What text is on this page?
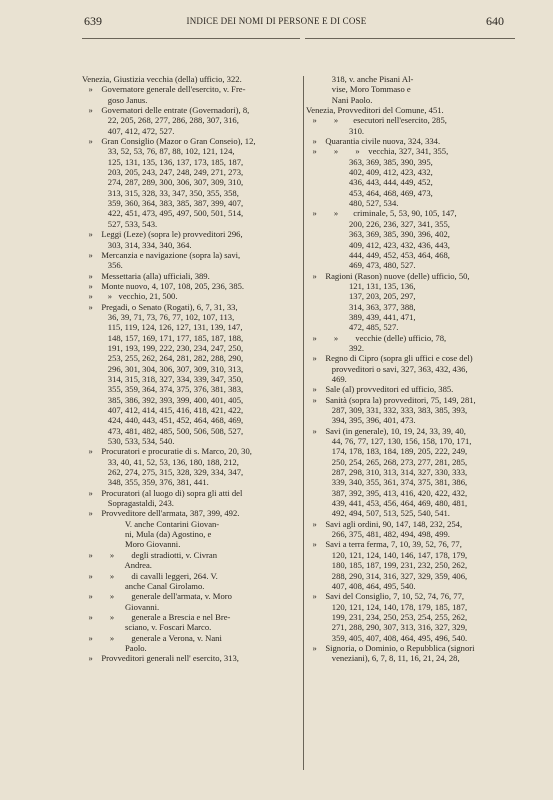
639	INDICE DEI NOMI DI PERSONE E DI COSE	640
Venezia, Giustizia vecchia (della) ufficio, 322.
»    Governatore generale dell'esercito, v. Fre-
goso Janus.
»    Governatori delle entrate (Governadori), 8,
22, 205, 268, 277, 286, 288, 307, 316,
407, 412, 472, 527.
»    Gran Consiglio (Mazor o Gran Conseio), 12,
33, 52, 53, 76, 87, 88, 102, 121, 124,
125, 131, 135, 136, 137, 173, 185, 187,
203, 205, 243, 247, 248, 249, 271, 273,
274, 287, 289, 300, 306, 307, 309, 310,
313, 315, 328, 33, 347, 350, 355, 358,
359, 360, 364, 383, 385, 387, 399, 407,
422, 451, 473, 495, 497, 500, 501, 514,
527, 533, 543.
»    Leggi (Leze) (sopra le) provveditori 296,
303, 314, 334, 340, 364.
»    Mercanzia e navigazione (sopra la) savi,
356.
»    Messettaria (alla) ufficiali, 389.
»    Monte nuovo, 4, 107, 108, 205, 236, 385.
»       »   vecchio, 21, 500.
»    Pregadi, o Senato (Rogati), 6, 7, 31, 33,
36, 39, 71, 73, 76, 77, 102, 107, 113,
115, 119, 124, 126, 127, 131, 139, 147,
148, 157, 169, 171, 177, 185, 187, 188,
191, 193, 199, 222, 230, 234, 247, 250,
253, 255, 262, 264, 281, 282, 288, 290,
296, 301, 304, 306, 307, 309, 310, 313,
314, 315, 318, 327, 334, 339, 347, 350,
355, 359, 364, 374, 375, 376, 381, 383,
385, 386, 392, 393, 399, 400, 401, 405,
407, 412, 414, 415, 416, 418, 421, 422,
424, 440, 443, 451, 452, 464, 468, 469,
473, 481, 482, 485, 500, 506, 508, 527,
530, 533, 534, 540.
»    Procuratori e procuratie di s. Marco, 20, 30,
33, 40, 41, 52, 53, 136, 180, 188, 212,
262, 274, 275, 315, 328, 329, 334, 347,
348, 355, 359, 376, 381, 441.
»    Procuratori (al luogo di) sopra gli atti del
Sopragastaldi, 243.
»    Provveditore dell'armata, 387, 399, 492.
V. anche Contarini Giovan-
ni, Mula (da) Agostino, e
Moro Giovanni.
»        »        degli stradiotti, v. Civran
Andrea.
»        »        di cavalli leggeri, 264. V.
anche Canal Girolamo.
»        »        generale dell'armata, v. Moro
Giovanni.
»        »        generale a Brescia e nel Bre-
sciano, v. Foscari Marco.
»        »        generale a Verona, v. Nani
Paolo.
»    Provveditori generali nell' esercito, 313,
318, v. anche Pisani Al-
vise, Moro Tommaso e
Nani Paolo.
Venezia, Provveditori del Comune, 451.
»        »       esecutori nell'esercito, 285,
310.
»    Quarantia civile nuova, 324, 334.
»        »        »    vecchia, 327, 341, 355,
363, 369, 385, 390, 395,
402, 409, 412, 423, 432,
436, 443, 444, 449, 452,
453, 464, 468, 469, 473,
480, 527, 534.
»        »       criminale, 5, 53, 90, 105, 147,
200, 226, 236, 327, 341, 355,
363, 369, 385, 390, 396, 402,
409, 412, 423, 432, 436, 443,
444, 449, 452, 453, 464, 468,
469, 473, 480, 527.
»    Ragioni (Rason) nuove (delle) ufficio, 50,
121, 131, 135, 136,
137, 203, 205, 297,
314, 363, 377, 388,
389, 439, 441, 471,
472, 485, 527.
»        »        vecchie (delle) ufficio, 78,
392.
»    Regno di Cipro (sopra gli uffici e cose del)
provveditori o savi, 327, 363, 432, 436,
469.
»    Sale (al) provveditori ed ufficio, 385.
»    Sanità (sopra la) provveditori, 75, 149, 281,
287, 309, 331, 332, 333, 383, 385, 393,
394, 395, 396, 401, 473.
»    Savi (in generale), 10, 19, 24, 33, 39, 40,
44, 76, 77, 127, 130, 156, 158, 170, 171,
174, 178, 183, 184, 189, 205, 222, 249,
250, 254, 265, 268, 273, 277, 281, 285,
287, 298, 310, 313, 314, 327, 330, 333,
339, 340, 355, 361, 374, 375, 381, 386,
387, 392, 395, 413, 416, 420, 422, 432,
439, 441, 453, 456, 464, 469, 480, 481,
492, 494, 507, 513, 525, 540, 541.
»    Savi agli ordini, 90, 147, 148, 232, 254,
266, 375, 481, 482, 494, 498, 499.
»    Savi a terra ferma, 7, 10, 39, 52, 76, 77,
120, 121, 124, 140, 146, 147, 178, 179,
180, 185, 187, 199, 231, 232, 250, 262,
288, 290, 314, 316, 327, 329, 359, 406,
407, 408, 464, 495, 540.
»    Savi del Consiglio, 7, 10, 52, 74, 76, 77,
120, 121, 124, 140, 178, 179, 185, 187,
199, 231, 234, 250, 253, 254, 255, 262,
271, 288, 290, 307, 313, 316, 327, 329,
359, 405, 407, 408, 464, 495, 496, 540.
»    Signoria, o Dominio, o Repubblica (signori
veneziani), 6, 7, 8, 11, 16, 21, 24, 28,
